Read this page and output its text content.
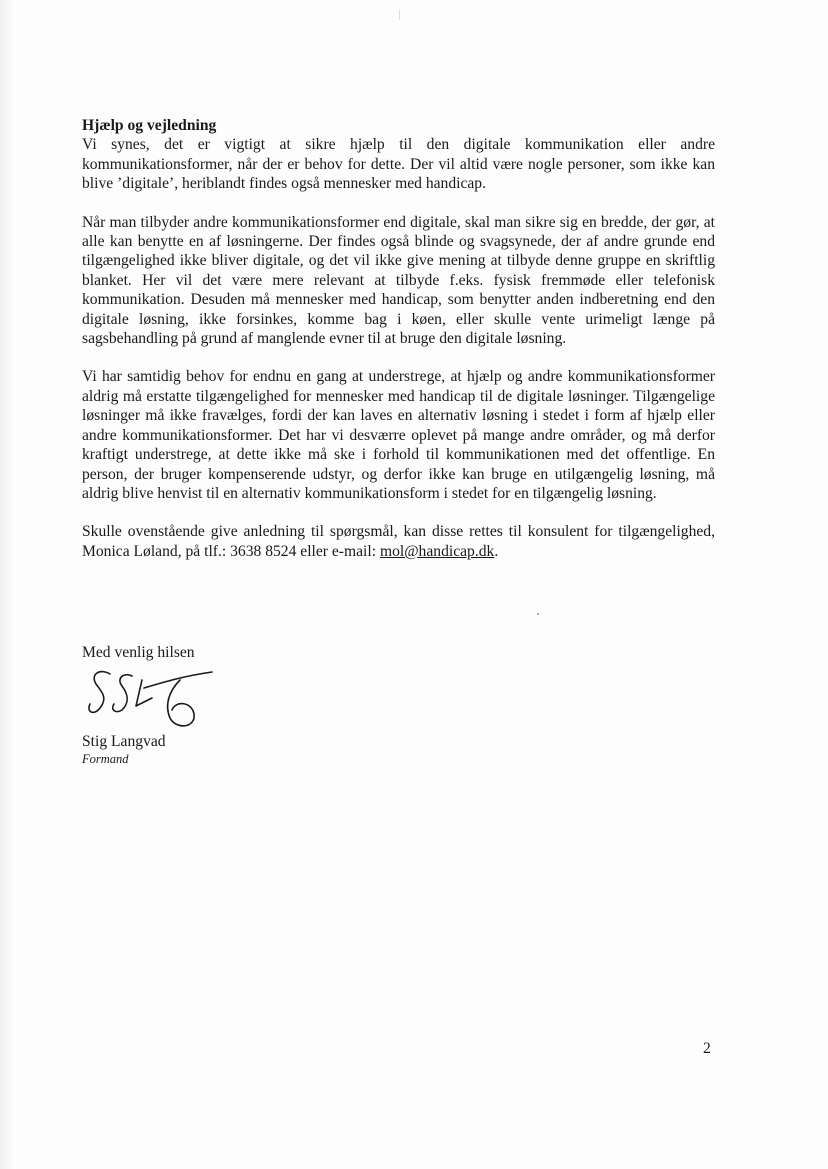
Hjælp og vejledning

Vi synes, det er vigtigt at sikre hjælp til den digitale kommunikation eller andre kommunikationsformer, når der er behov for dette. Der vil altid være nogle personer, som ikke kan blive ’digitale’, heriblandt findes også mennesker med handicap.

Når man tilbyder andre kommunikationsformer end digitale, skal man sikre sig en bredde, der gør, at alle kan benytte en af løsningerne. Der findes også blinde og svagsynede, der af andre grunde end tilgængelighed ikke bliver digitale, og det vil ikke give mening at tilbyde denne gruppe en skriftlig blanket. Her vil det være mere relevant at tilbyde f.eks. fysisk fremmøde eller telefonisk kommunikation. Desuden må mennesker med handicap, som benytter anden indberetning end den digitale løsning, ikke forsinkes, komme bag i køen, eller skulle vente urimeligt længe på sagsbehandling på grund af manglende evner til at bruge den digitale løsning.

Vi har samtidig behov for endnu en gang at understrege, at hjælp og andre kommunikationsformer aldrig må erstatte tilgængelighed for mennesker med handicap til de digitale løsninger. Tilgængelige løsninger må ikke fravælges, fordi der kan laves en alternativ løsning i stedet i form af hjælp eller andre kommunikationsformer. Det har vi desværre oplevet på mange andre områder, og må derfor kraftigt understrege, at dette ikke må ske i forhold til kommunikationen med det offentlige. En person, der bruger kompenserende udstyr, og derfor ikke kan bruge en utilgængelig løsning, må aldrig blive henvist til en alternativ kommunikationsform i stedet for en tilgængelig løsning.

Skulle ovenstående give anledning til spørgsmål, kan disse rettes til konsulent for tilgængelighed, Monica Løland, på tlf.: 3638 8524 eller e-mail: mol@handicap.dk.

Med venlig hilsen
Stig Langvad
Formand
2
